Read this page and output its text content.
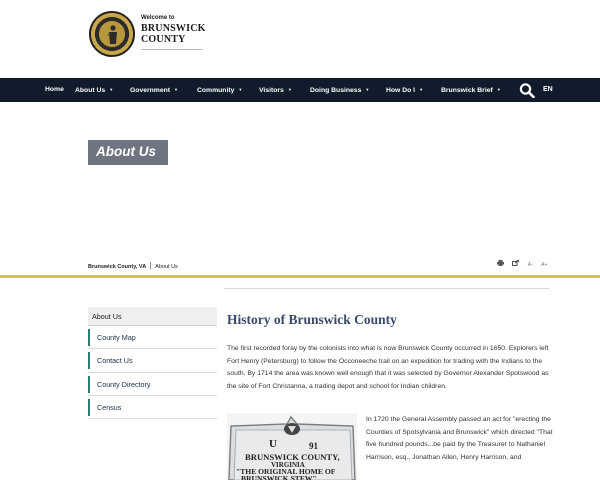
Welcome to
BRUNSWICK
COUNTY
Home About Us ▼ Government ▼	Community ▼ Visitors ▼	Doing Business ▼ How Do I ▼	Brunswick Brief ▼	EN
About Us
Brunswick County, VA About Us	A- A+
About Us
County Map
Contact Us
County Directory
Census
History of Brunswick County
The first recorded foray by the colonists into what is now Brunswick County occurred in 1650. Explorers left Fort Henry (Petersburg) to follow the Occoneeche trail on an expedition for trading with the Indians to the south. By 1714 the area was known well enough that it was selected by Governor Alexander Spotswood as the site of Fort Christanna, a trading depot and school for Indian children.
U	91
BRUNSWICK COUNTY,
VIRGINIA
"THE ORIGINAL HOME OF
BRUNSWICK STEW"
In 1720 the General Assembly passed an act for "erecting the Counties of Spotsylvania and Brunswick" which directed "That five hundred pounds...be paid by the Treasurer to Nathaniel Harrison, esq., Jonathan Allen, Henry Harrison, and
